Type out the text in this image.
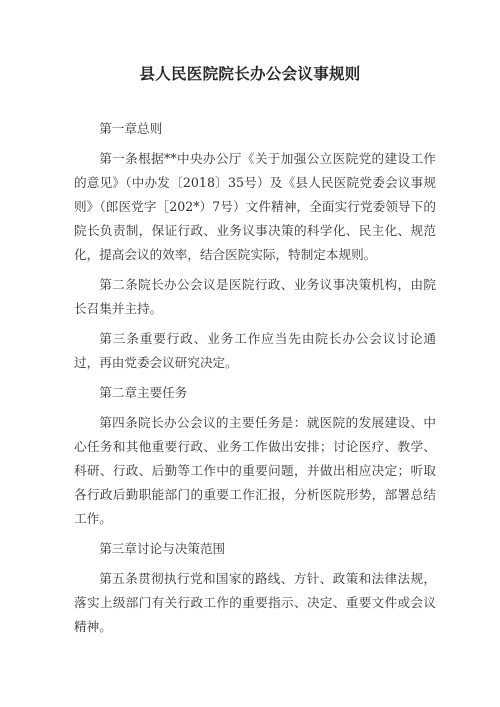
县人民医院院长办公会议事规则

第一章总则

第一条根据**中央办公厅《关于加强公立医院党的建设工作的意见》（中办发〔2018〕35号）及《县人民医院党委会议事规则》（郎医党字［202*）7号）文件精神，全面实行党委领导下的院长负责制，保证行政、业务议事决策的科学化、民主化、规范化，提高会议的效率，结合医院实际，特制定本规则。

第二条院长办公会议是医院行政、业务议事决策机构，由院长召集并主持。

第三条重要行政、业务工作应当先由院长办公会议讨论通过，再由党委会议研究决定。

第二章主要任务

第四条院长办公会议的主要任务是：就医院的发展建设、中心任务和其他重要行政、业务工作做出安排；讨论医疗、教学、科研、行政、后勤等工作中的重要问题，并做出相应决定；听取各行政后勤职能部门的重要工作汇报，分析医院形势，部署总结工作。

第三章讨论与决策范围

第五条贯彻执行党和国家的路线、方针、政策和法律法规，落实上级部门有关行政工作的重要指示、决定、重要文件或会议精神。
